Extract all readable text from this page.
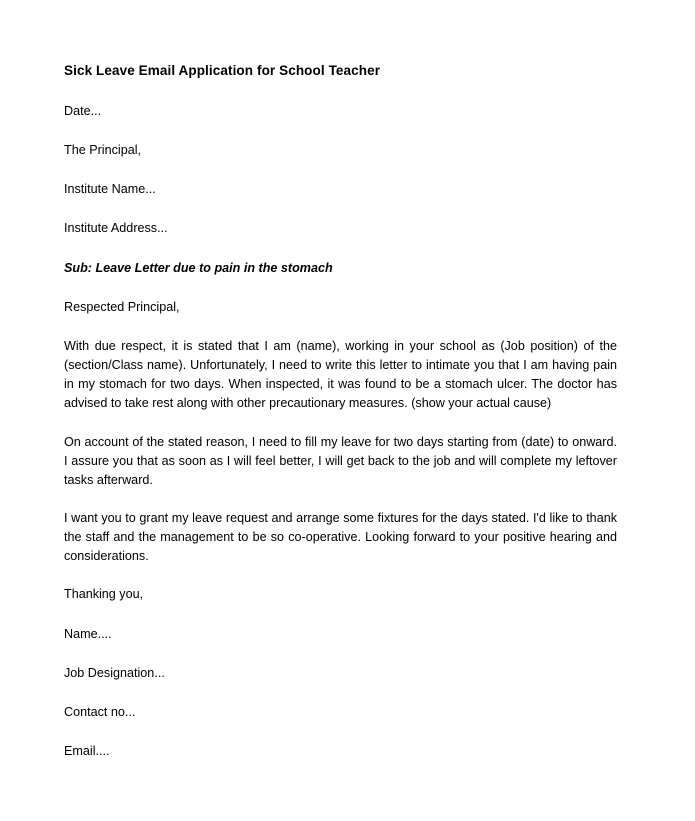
Sick Leave Email Application for School Teacher

Date...

The Principal,

Institute Name...

Institute Address...

Sub: Leave Letter due to pain in the stomach

Respected Principal,

With due respect, it is stated that I am (name), working in your school as (Job position) of the (section/Class name). Unfortunately, I need to write this letter to intimate you that I am having pain in my stomach for two days. When inspected, it was found to be a stomach ulcer. The doctor has advised to take rest along with other precautionary measures. (show your actual cause)

On account of the stated reason, I need to fill my leave for two days starting from (date) to onward. I assure you that as soon as I will feel better, I will get back to the job and will complete my leftover tasks afterward.

I want you to grant my leave request and arrange some fixtures for the days stated. I'd like to thank the staff and the management to be so co-operative. Looking forward to your positive hearing and considerations.

Thanking you,

Name....

Job Designation...

Contact no...

Email....
